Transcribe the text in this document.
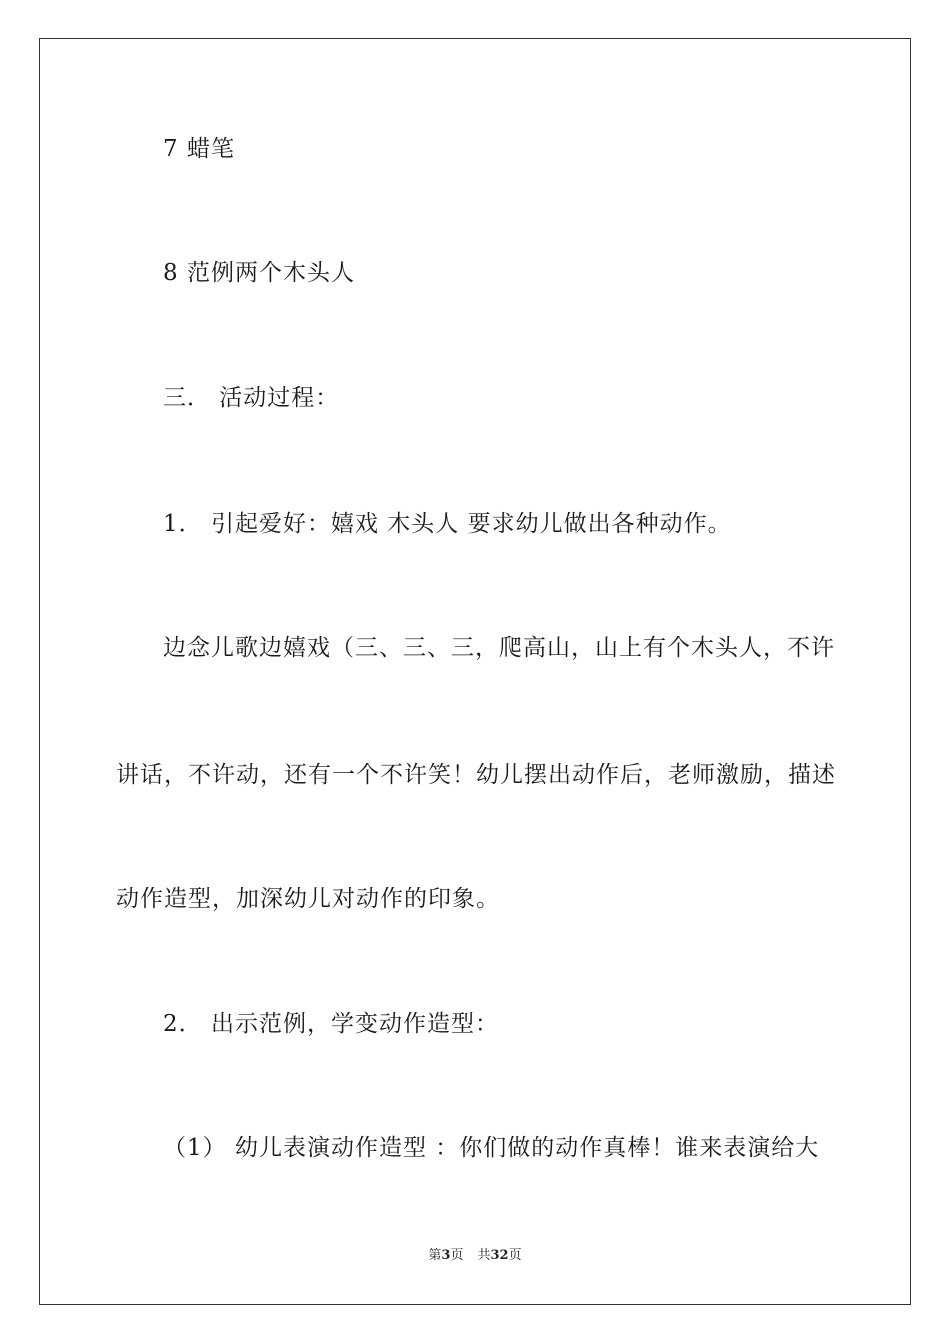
7 蜡笔
8 范例两个木头人
三． 活动过程：
1． 引起爱好：嬉戏 木头人 要求幼儿做出各种动作。
边念儿歌边嬉戏（三、三、三，爬高山，山上有个木头人，不许
讲话，不许动，还有一个不许笑！幼儿摆出动作后，老师激励，描述
动作造型，加深幼儿对动作的印象。
2． 出示范例，学变动作造型：
（1） 幼儿表演动作造型 ：你们做的动作真棒！谁来表演给大
第3页 共32页
